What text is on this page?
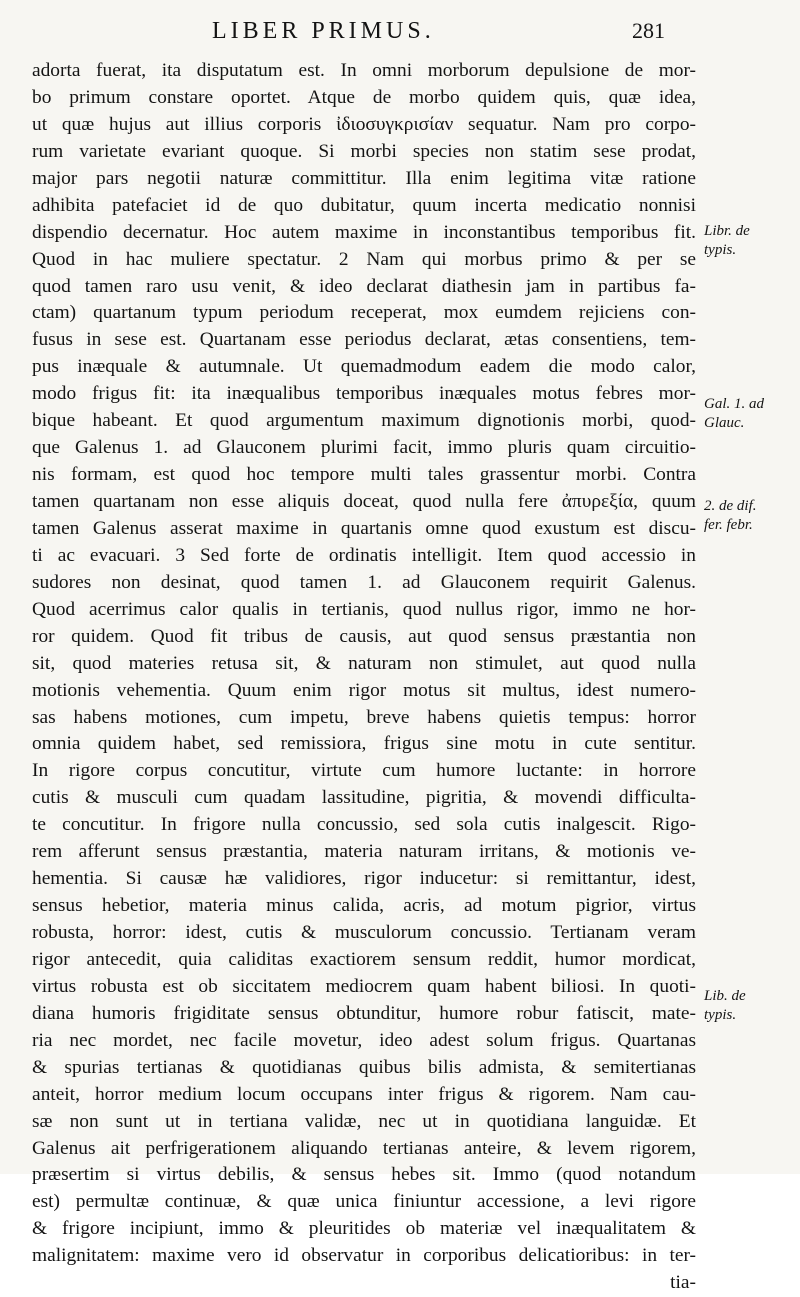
LIBER PRIMUS.	281
adorta fuerat, ita disputatum est. In omni morborum depulsione de mor-
bo primum constare oportet. Atque de morbo quidem quis, quæ idea,
ut quæ hujus aut illius corporis ἰδιοσυγκρισίαν sequatur. Nam pro corpo-
rum varietate evariant quoque. Si morbi species non statim sese prodat,
major pars negotii naturæ committitur. Illa enim legitima vitæ ratione
adhibita patefaciet id de quo dubitatur, quum incerta medicatio nonnisi
dispendio decernatur. Hoc autem maxime in inconstantibus temporibus fit.
Quod in hac muliere spectatur. 2 Nam qui morbus primo & per se
quod tamen raro usu venit, & ideo declarat diathesin jam in partibus fa-
ctam) quartanum typum periodum receperat, mox eumdem rejiciens con-
fusus in sese est. Quartanam esse periodus declarat, ætas consentiens, tem-
pus inæquale & autumnale. Ut quemadmodum eadem die modo calor,
modo frigus fit: ita inæqualibus temporibus inæquales motus febres mor-
bique habeant. Et quod argumentum maximum dignotionis morbi, quod-
que Galenus 1. ad Glauconem plurimi facit, immo pluris quam circuitio-
nis formam, est quod hoc tempore multi tales grassentur morbi. Contra
tamen quartanam non esse aliquis doceat, quod nulla fere ἀπυρεξία, quum
tamen Galenus asserat maxime in quartanis omne quod exustum est discu-
ti ac evacuari. 3 Sed forte de ordinatis intelligit. Item quod accessio in
sudores non desinat, quod tamen 1. ad Glauconem requirit Galenus.
Quod acerrimus calor qualis in tertianis, quod nullus rigor, immo ne hor-
ror quidem. Quod fit tribus de causis, aut quod sensus præstantia non
sit, quod materies retusa sit, & naturam non stimulet, aut quod nulla
motionis vehementia. Quum enim rigor motus sit multus, idest numero-
sas habens motiones, cum impetu, breve habens quietis tempus: horror
omnia quidem habet, sed remissiora, frigus sine motu in cute sentitur.
In rigore corpus concutitur, virtute cum humore luctante: in horrore
cutis & musculi cum quadam lassitudine, pigritia, & movendi difficulta-
te concutitur. In frigore nulla concussio, sed sola cutis inalgescit. Rigo-
rem afferunt sensus præstantia, materia naturam irritans, & motionis ve-
hementia. Si causæ hæ validiores, rigor inducetur: si remittantur, idest,
sensus hebetior, materia minus calida, acris, ad motum pigrior, virtus
robusta, horror: idest, cutis & musculorum concussio. Tertianam veram
rigor antecedit, quia caliditas exactiorem sensum reddit, humor mordicat,
virtus robusta est ob siccitatem mediocrem quam habent biliosi. In quoti-
diana humoris frigiditate sensus obtunditur, humore robur fatiscit, mate-
ria nec mordet, nec facile movetur, ideo adest solum frigus. Quartanas
& spurias tertianas & quotidianas quibus bilis admista, & semitertianas
anteit, horror medium locum occupans inter frigus & rigorem. Nam cau-
sæ non sunt ut in tertiana validæ, nec ut in quotidiana languidæ. Et
Galenus ait perfrigerationem aliquando tertianas anteire, & levem rigorem,
præsertim si virtus debilis, & sensus hebes sit. Immo (quod notandum
est) permultæ continuæ, & quæ unica finiuntur accessione, a levi rigore
& frigore incipiunt, immo & pleuritides ob materiæ vel inæqualitatem &
malignitatem: maxime vero id observatur in corporibus delicatioribus: in ter-
tia-
Libr. de
typis.
Gal. 1. ad
Glauc.
2. de dif.
fer. febr.
Lib. de
typis.
